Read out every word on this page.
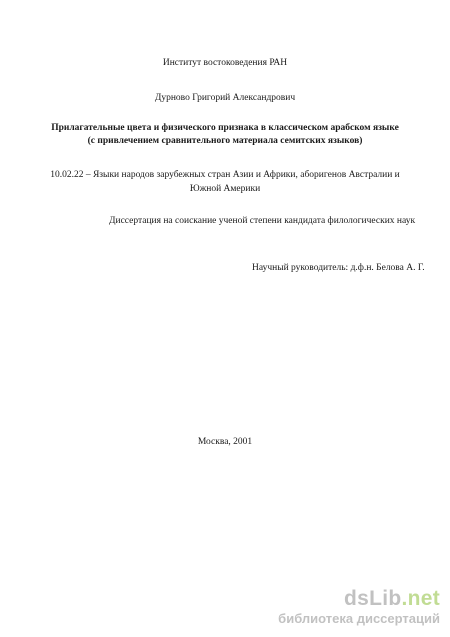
Институт востоковедения РАН
Дурново Григорий Александрович
Прилагательные цвета и физического признака в классическом арабском языке
(с привлечением сравнительного материала семитских языков)
10.02.22 – Языки народов зарубежных стран Азии и Африки, аборигенов Австралии и
Южной Америки
Диссертация на соискание ученой степени кандидата филологических наук
Научный руководитель: д.ф.н. Белова А. Г.
Москва, 2001
dsLib.net
библиотека диссертаций
